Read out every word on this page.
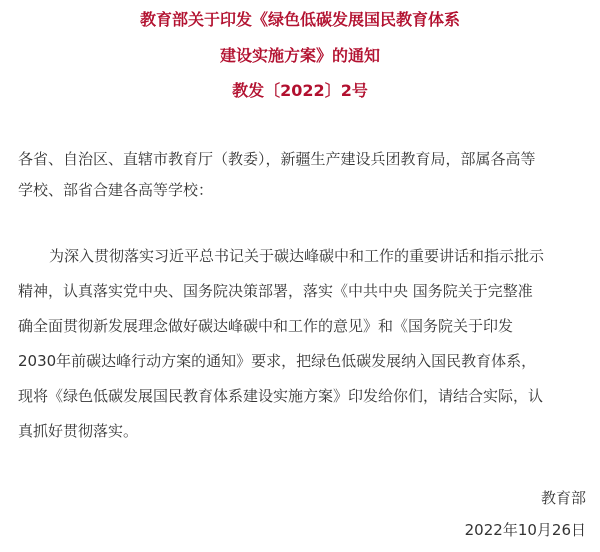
教育部关于印发《绿色低碳发展国民教育体系
建设实施方案》的通知
教发〔2022〕2号
各省、自治区、直辖市教育厅（教委），新疆生产建设兵团教育局，部属各高等
学校、部省合建各高等学校：
为深入贯彻落实习近平总书记关于碳达峰碳中和工作的重要讲话和指示批示
精神，认真落实党中央、国务院决策部署，落实《中共中央 国务院关于完整准
确全面贯彻新发展理念做好碳达峰碳中和工作的意见》和《国务院关于印发
2030年前碳达峰行动方案的通知》要求，把绿色低碳发展纳入国民教育体系，
现将《绿色低碳发展国民教育体系建设实施方案》印发给你们，请结合实际，认
真抓好贯彻落实。
教育部
2022年10月26日
